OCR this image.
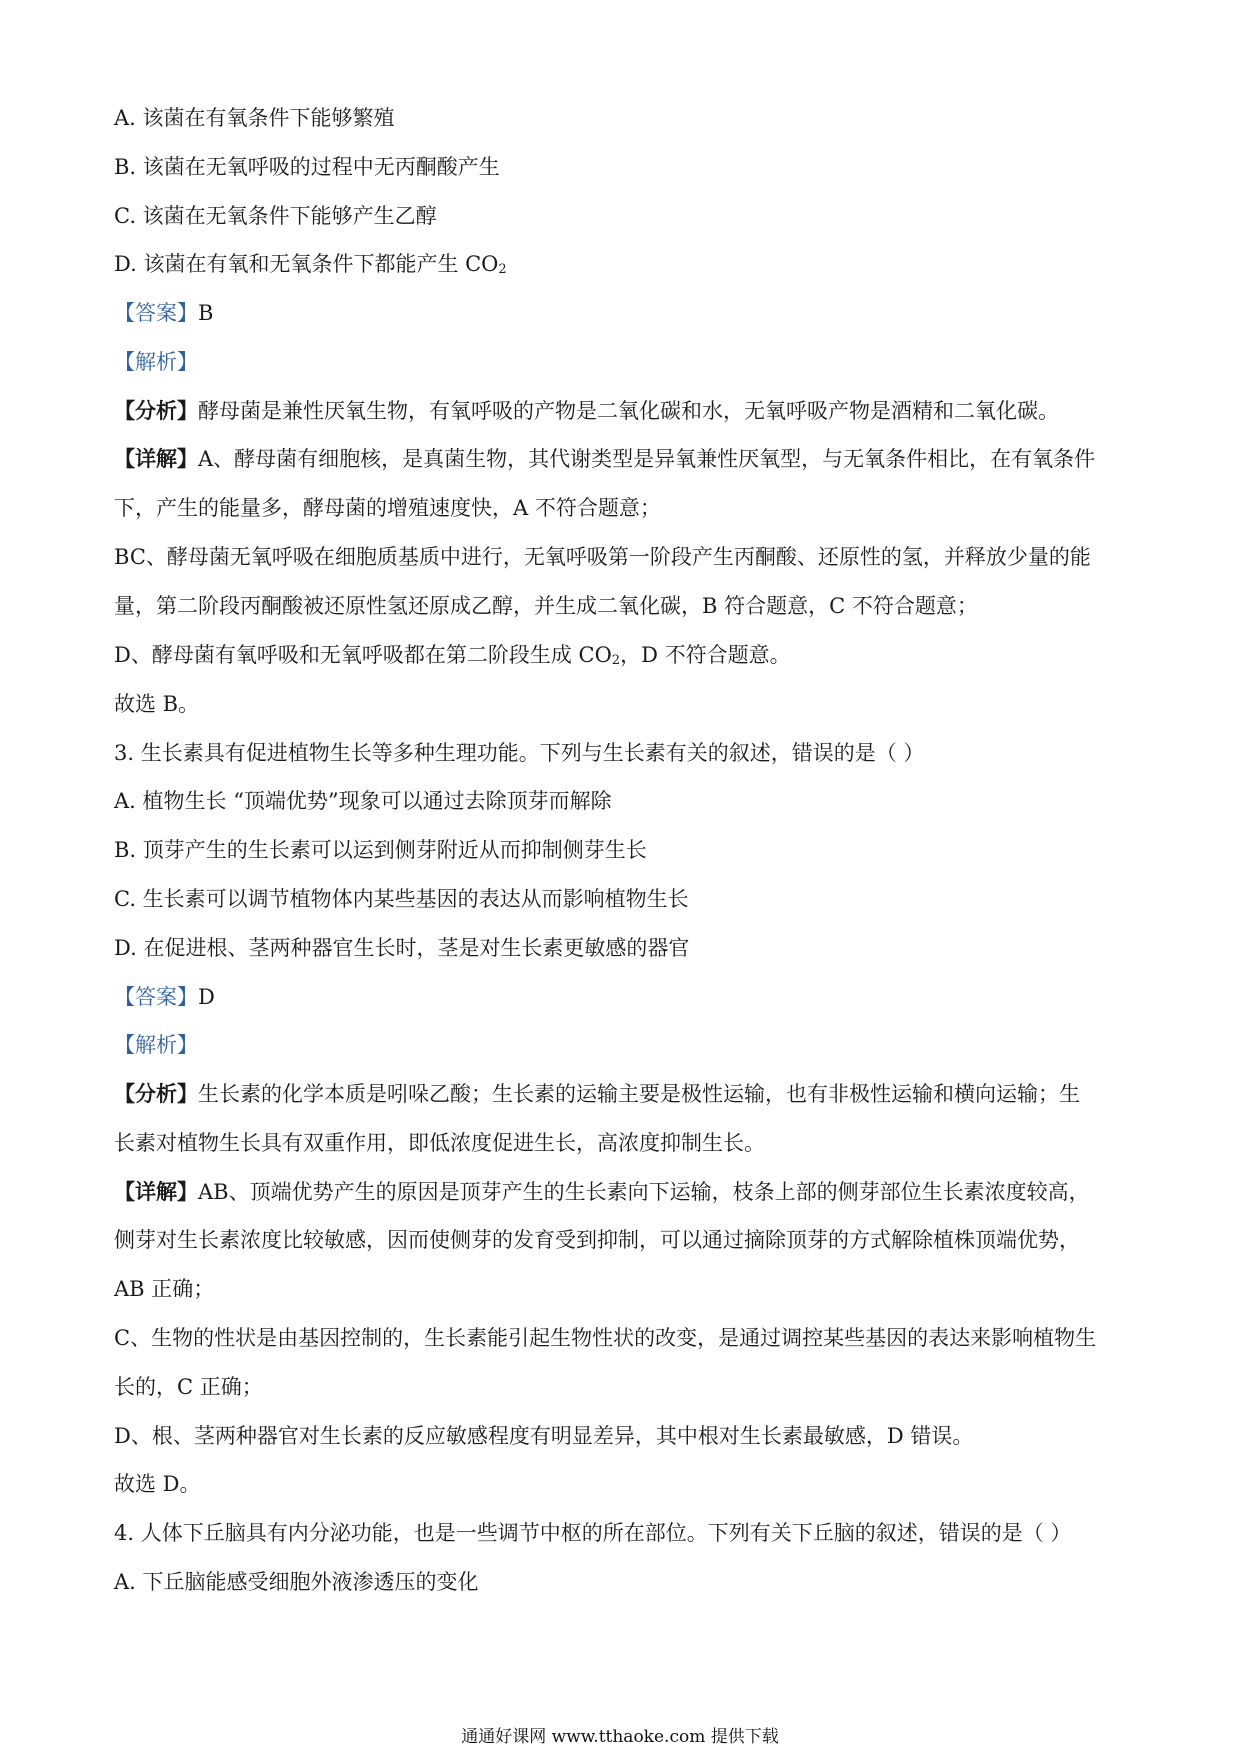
A. 该菌在有氧条件下能够繁殖
B. 该菌在无氧呼吸的过程中无丙酮酸产生
C. 该菌在无氧条件下能够产生乙醇
D. 该菌在有氧和无氧条件下都能产生 $CO_2$
【答案】B
【解析】
【分析】酵母菌是兼性厌氧生物，有氧呼吸的产物是二氧化碳和水，无氧呼吸产物是酒精和二氧化碳。
【详解】A、酵母菌有细胞核，是真菌生物，其代谢类型是异氧兼性厌氧型，与无氧条件相比，在有氧条件
下，产生的能量多，酵母菌的增殖速度快，A 不符合题意；
BC、酵母菌无氧呼吸在细胞质基质中进行，无氧呼吸第一阶段产生丙酮酸、还原性的氢，并释放少量的能
量，第二阶段丙酮酸被还原性氢还原成乙醇，并生成二氧化碳，B 符合题意，C 不符合题意；
D、酵母菌有氧呼吸和无氧呼吸都在第二阶段生成 $CO_2$，D 不符合题意。
故选 B。
3. 生长素具有促进植物生长等多种生理功能。下列与生长素有关的叙述，错误的是（ ）
A. 植物生长 “顶端优势”现象可以通过去除顶芽而解除
B. 顶芽产生的生长素可以运到侧芽附近从而抑制侧芽生长
C. 生长素可以调节植物体内某些基因的表达从而影响植物生长
D. 在促进根、茎两种器官生长时，茎是对生长素更敏感的器官
【答案】D
【解析】
【分析】生长素的化学本质是吲哚乙酸；生长素的运输主要是极性运输，也有非极性运输和横向运输；生
长素对植物生长具有双重作用，即低浓度促进生长，高浓度抑制生长。
【详解】AB、顶端优势产生的原因是顶芽产生的生长素向下运输，枝条上部的侧芽部位生长素浓度较高，
侧芽对生长素浓度比较敏感，因而使侧芽的发育受到抑制，可以通过摘除顶芽的方式解除植株顶端优势，
AB 正确；
C、生物的性状是由基因控制的，生长素能引起生物性状的改变，是通过调控某些基因的表达来影响植物生
长的，C 正确；
D、根、茎两种器官对生长素的反应敏感程度有明显差异，其中根对生长素最敏感，D 错误。
故选 D。
4. 人体下丘脑具有内分泌功能，也是一些调节中枢的所在部位。下列有关下丘脑的叙述，错误的是（ ）
A. 下丘脑能感受细胞外液渗透压的变化
通通好课网 www.tthaoke.com 提供下载
